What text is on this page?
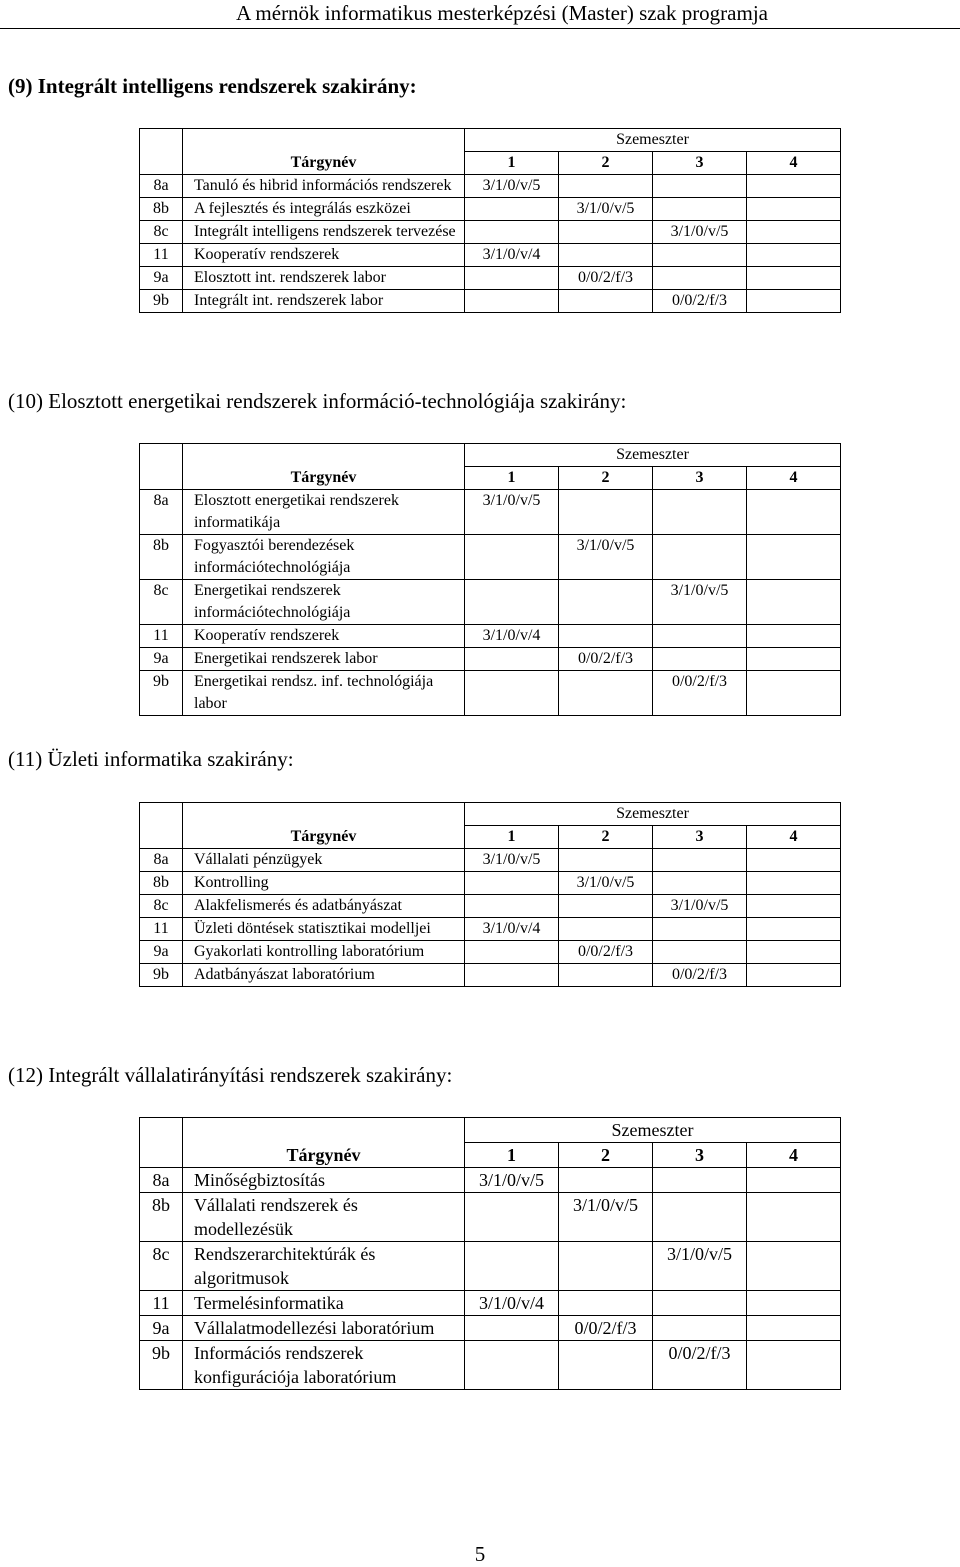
A mérnök informatikus mesterképzési (Master) szak programja
(9) Integrált intelligens rendszerek szakirány:
		Szemeszter			
	Tárgynév	1	2	3	4
8a	Tanuló és hibrid információs rendszerek	3/1/0/v/5			
8b	A fejlesztés és integrálás eszközei		3/1/0/v/5		
8c	Integrált intelligens rendszerek tervezése			3/1/0/v/5	
11	Kooperatív rendszerek	3/1/0/v/4			
9a	Elosztott int. rendszerek labor		0/0/2/f/3		
9b	Integrált int. rendszerek labor			0/0/2/f/3	
(10) Elosztott energetikai rendszerek információ-technológiája szakirány:
		Szemeszter			
	Tárgynév	1	2	3	4
8a	Elosztott energetikai rendszerek informatikája	3/1/0/v/5			
8b	Fogyasztói berendezések információtechnológiája		3/1/0/v/5		
8c	Energetikai rendszerek információtechnológiája			3/1/0/v/5	
11	Kooperatív rendszerek	3/1/0/v/4			
9a	Energetikai rendszerek labor		0/0/2/f/3		
9b	Energetikai rendsz. inf. technológiája labor			0/0/2/f/3	
(11) Üzleti informatika szakirány:
		Szemeszter			
	Tárgynév	1	2	3	4
8a	Vállalati pénzügyek	3/1/0/v/5			
8b	Kontrolling		3/1/0/v/5		
8c	Alakfelismerés és adatbányászat			3/1/0/v/5	
11	Üzleti döntések statisztikai modelljei	3/1/0/v/4			
9a	Gyakorlati kontrolling laboratórium		0/0/2/f/3		
9b	Adatbányászat laboratórium			0/0/2/f/3	
(12) Integrált vállalatirányítási rendszerek szakirány:
		Szemeszter			
	Tárgynév	1	2	3	4
8a	Minőségbiztosítás	3/1/0/v/5			
8b	Vállalati rendszerek és modellezésük		3/1/0/v/5		
8c	Rendszerarchitektúrák és algoritmusok			3/1/0/v/5	
11	Termelésinformatika	3/1/0/v/4			
9a	Vállalatmodellezési laboratórium		0/0/2/f/3		
9b	Információs rendszerek konfigurációja laboratórium			0/0/2/f/3	
5
